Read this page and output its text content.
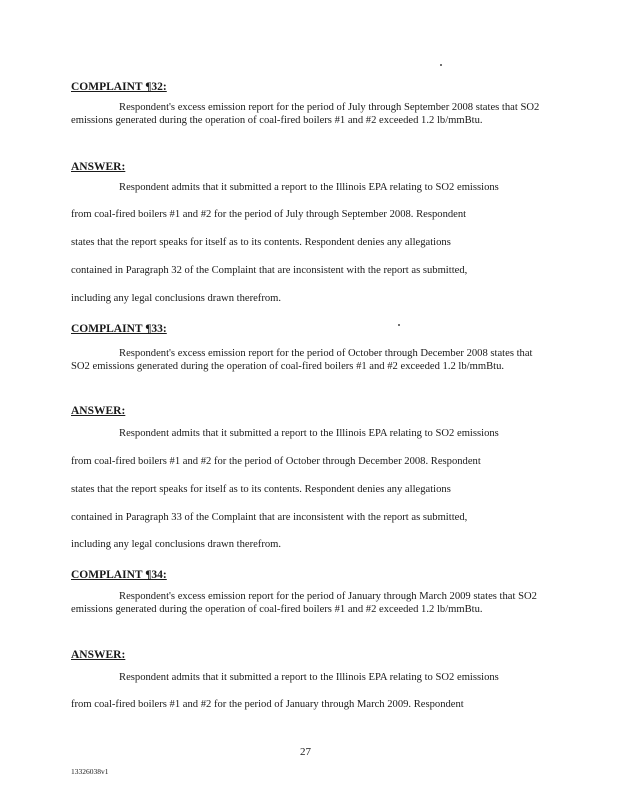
COMPLAINT ¶32:

Respondent's excess emission report for the period of July through September 2008 states that SO2 emissions generated during the operation of coal-fired boilers #1 and #2 exceeded 1.2 lb/mmBtu.

ANSWER:
Respondent admits that it submitted a report to the Illinois EPA relating to SO2 emissions
from coal-fired boilers #1 and #2 for the period of July through September 2008. Respondent
states that the report speaks for itself as to its contents. Respondent denies any allegations
contained in Paragraph 32 of the Complaint that are inconsistent with the report as submitted,
including any legal conclusions drawn therefrom.
COMPLAINT ¶33:

Respondent's excess emission report for the period of October through December 2008 states that SO2 emissions generated during the operation of coal-fired boilers #1 and #2 exceeded 1.2 lb/mmBtu.

ANSWER:
Respondent admits that it submitted a report to the Illinois EPA relating to SO2 emissions
from coal-fired boilers #1 and #2 for the period of October through December 2008. Respondent
states that the report speaks for itself as to its contents. Respondent denies any allegations
contained in Paragraph 33 of the Complaint that are inconsistent with the report as submitted,
including any legal conclusions drawn therefrom.
COMPLAINT ¶34:

Respondent's excess emission report for the period of January through March 2009 states that SO2 emissions generated during the operation of coal-fired boilers #1 and #2 exceeded 1.2 lb/mmBtu.

ANSWER:
Respondent admits that it submitted a report to the Illinois EPA relating to SO2 emissions
from coal-fired boilers #1 and #2 for the period of January through March 2009. Respondent
27
13326038v1
